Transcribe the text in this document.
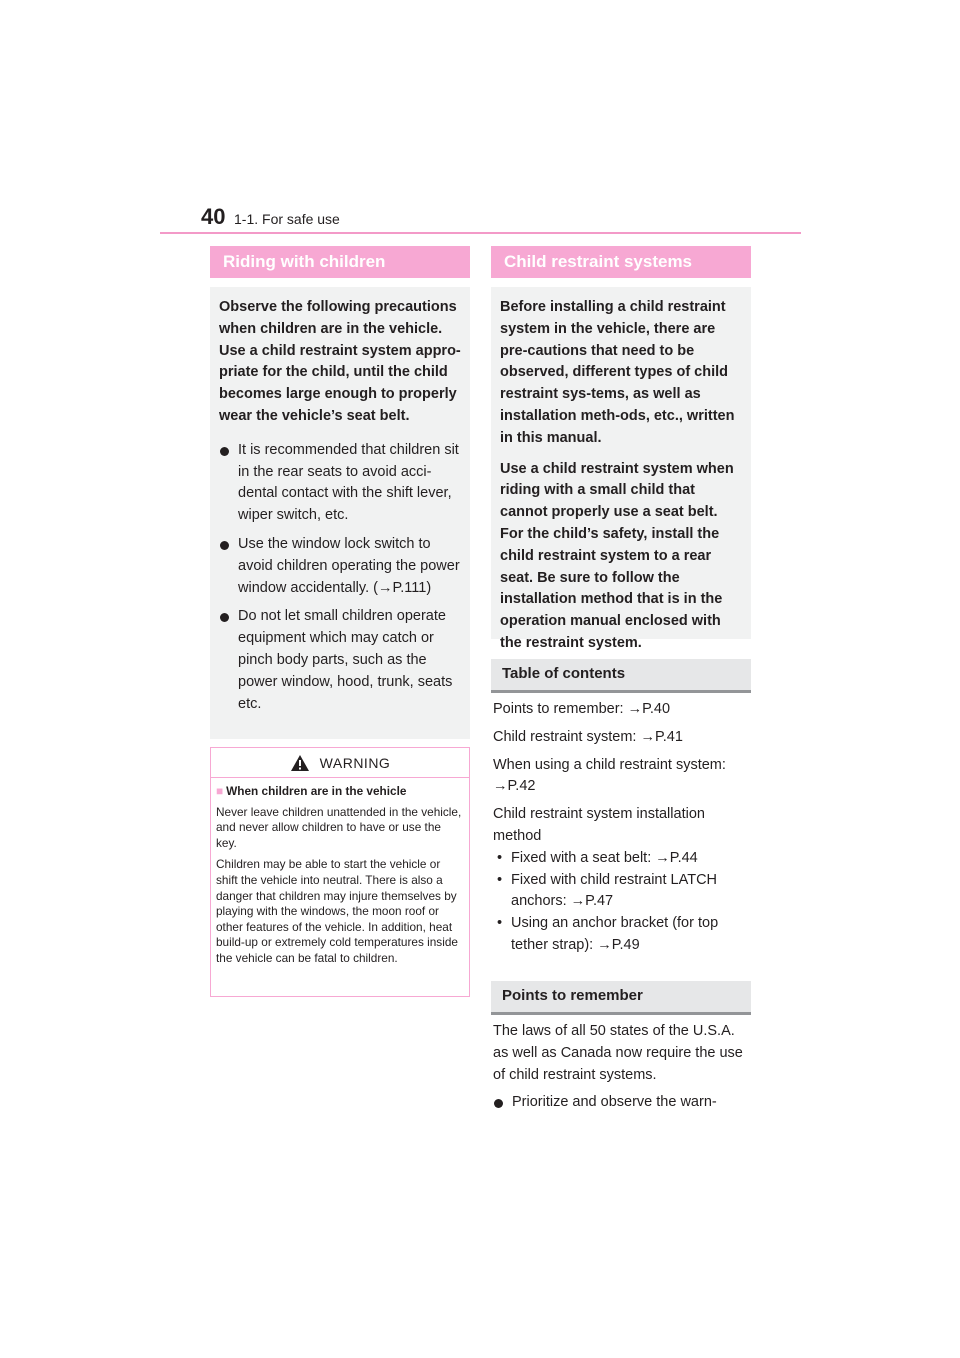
40 1-1. For safe use
Riding with children

Observe the following precautions when children are in the vehicle. Use a child restraint system appro-priate for the child, until the child becomes large enough to properly wear the vehicle’s seat belt.

It is recommended that children sit in the rear seats to avoid acci-dental contact with the shift lever, wiper switch, etc.
Use the window lock switch to avoid children operating the power window accidentally. (→P.111)
Do not let small children operate equipment which may catch or pinch body parts, such as the power window, hood, trunk, seats etc.
WARNING
■ When children are in the vehicle

Never leave children unattended in the vehicle, and never allow children to have or use the key.

Children may be able to start the vehicle or shift the vehicle into neutral. There is also a danger that children may injure themselves by playing with the windows, the moon roof or other features of the vehicle. In addition, heat build-up or extremely cold temperatures inside the vehicle can be fatal to children.

Child restraint systems

Before installing a child restraint system in the vehicle, there are pre-cautions that need to be observed, different types of child restraint sys-tems, as well as installation meth-ods, etc., written in this manual.

Use a child restraint system when riding with a small child that cannot properly use a seat belt. For the child’s safety, install the child restraint system to a rear seat. Be sure to follow the installation method that is in the operation manual enclosed with the restraint system.

Table of contents

Points to remember: →P.40

Child restraint system: →P.41

When using a child restraint system: →P.42

Child restraint system installation method

• Fixed with a seat belt: →P.44
• Fixed with child restraint LATCH anchors: →P.47
• Using an anchor bracket (for top tether strap): →P.49
Points to remember

The laws of all 50 states of the U.S.A. as well as Canada now require the use of child restraint systems.

Prioritize and observe the warn-
